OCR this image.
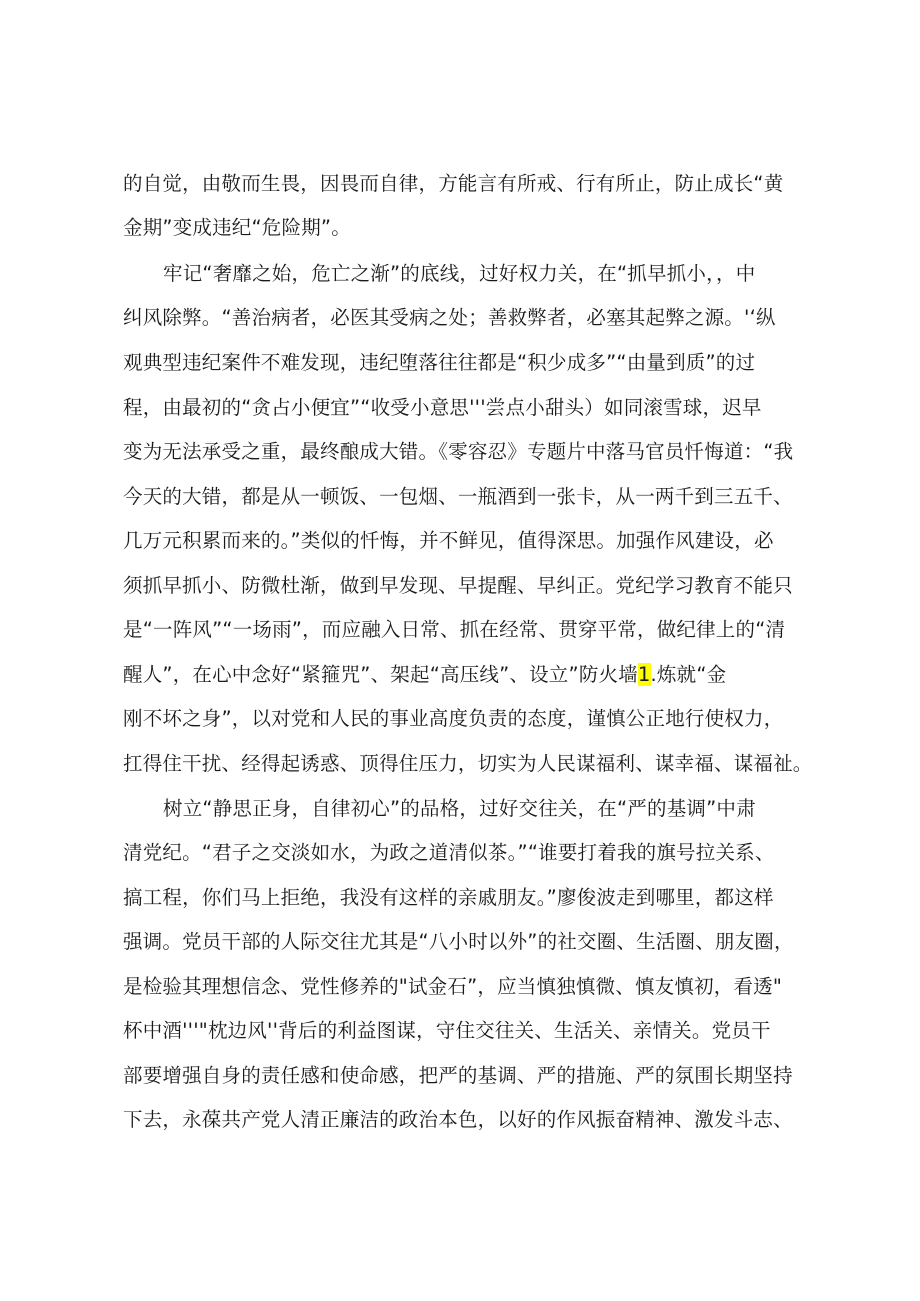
的自觉，由敬而生畏，因畏而自律，方能言有所戒、行有所止，防止成长“黄
金期”变成违纪“危险期”。
牢记“奢靡之始，危亡之渐”的底线，过好权力关，在“抓早抓小，，中
纠风除弊。“善治病者，必医其受病之处；善救弊者，必塞其起弊之源。'‘纵
观典型违纪案件不难发现，违纪堕落往往都是“积少成多”“由量到质”的过
程，由最初的“贪占小便宜”“收受小意思'''尝点小甜头）如同滚雪球，迟早
变为无法承受之重，最终酿成大错。《零容忍》专题片中落马官员忏悔道：“我
今天的大错，都是从一顿饭、一包烟、一瓶酒到一张卡，从一两千到三五千、
几万元积累而来的。”类似的忏悔，并不鲜见，值得深思。加强作风建设，必
须抓早抓小、防微杜渐，做到早发现、早提醒、早纠正。党纪学习教育不能只
是“一阵风”“一场雨”，而应融入日常、抓在经常、贯穿平常，做纪律上的“清
醒人”，在心中念好“紧箍咒”、架起“高压线”、设立”防火墙1.炼就“金
刚不坏之身”，以对党和人民的事业高度负责的态度，谨慎公正地行使权力，
扛得住干扰、经得起诱惑、顶得住压力，切实为人民谋福利、谋幸福、谋福祉。
树立“静思正身，自律初心”的品格，过好交往关，在“严的基调”中肃
清党纪。“君子之交淡如水，为政之道清似茶。”“谁要打着我的旗号拉关系、
搞工程，你们马上拒绝，我没有这样的亲戚朋友。”廖俊波走到哪里，都这样
强调。党员干部的人际交往尤其是“八小时以外”的社交圈、生活圈、朋友圈，
是检验其理想信念、党性修养的"试金石”，应当慎独慎微、慎友慎初，看透"
杯中酒'''"枕边风''背后的利益图谋，守住交往关、生活关、亲情关。党员干
部要增强自身的责任感和使命感，把严的基调、严的措施、严的氛围长期坚持
下去，永葆共产党人清正廉洁的政治本色，以好的作风振奋精神、激发斗志、
